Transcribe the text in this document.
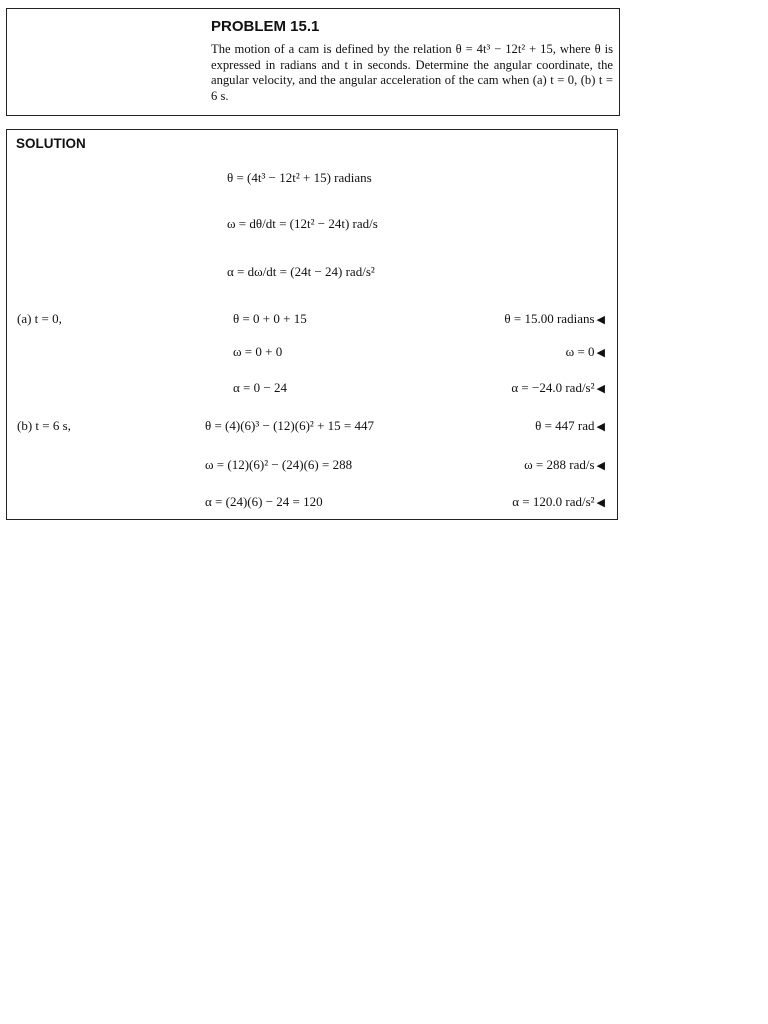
PROBLEM 15.1
The motion of a cam is defined by the relation θ = 4t³ − 12t² + 15, where θ is expressed in radians and t in seconds. Determine the angular coordinate, the angular velocity, and the angular acceleration of the cam when (a) t = 0, (b) t = 6 s.
SOLUTION
θ = (4t³ − 12t² + 15) radians
ω = dθ/dt = (12t² − 24t) rad/s
α = dω/dt = (24t − 24) rad/s²
(a) t = 0,	θ = 0 + 0 + 15	θ = 15.00 radians ◀
ω = 0 + 0	ω = 0 ◀
α = 0 − 24	α = −24.0 rad/s² ◀
(b) t = 6 s,	θ = (4)(6)³ − (12)(6)² + 15 = 447	θ = 447 rad ◀
ω = (12)(6)² − (24)(6) = 288	ω = 288 rad/s ◀
α = (24)(6) − 24 = 120	α = 120.0 rad/s² ◀
